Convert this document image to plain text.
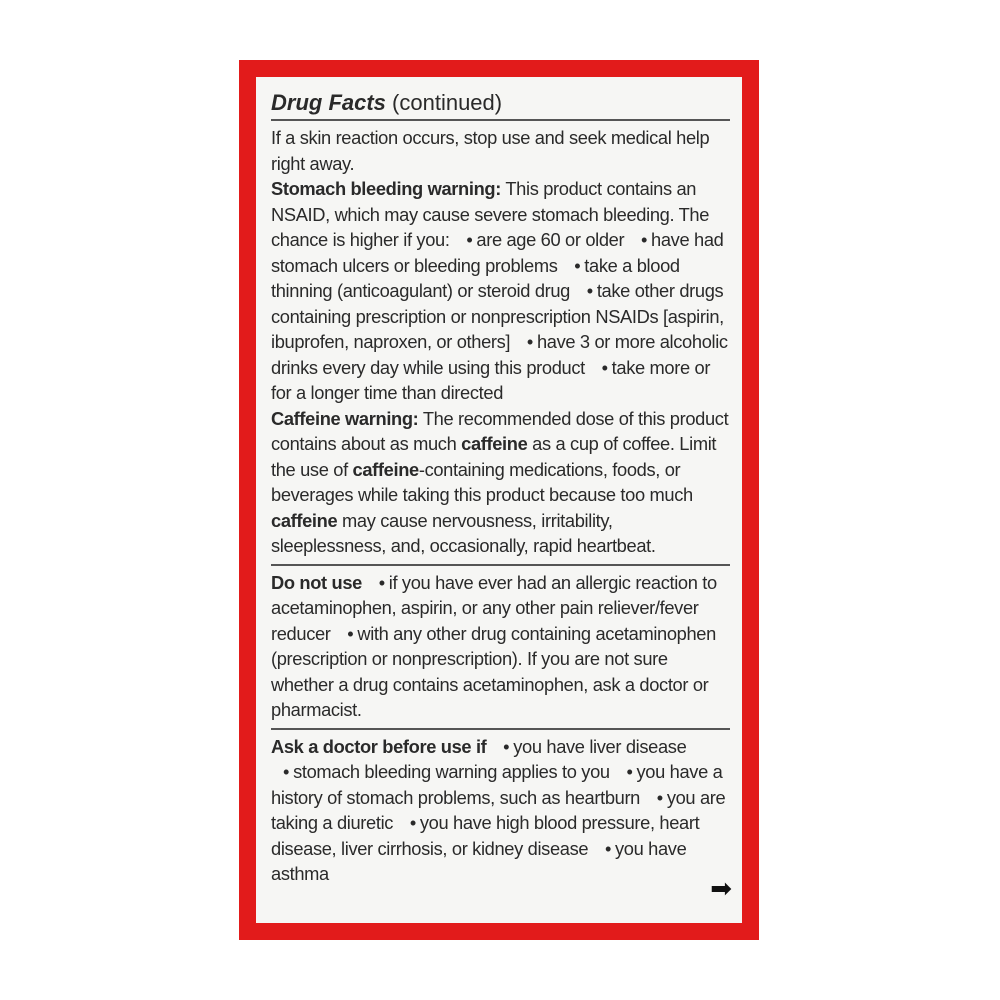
Drug Facts (continued)
If a skin reaction occurs, stop use and seek medical help right away.
Stomach bleeding warning: This product contains an NSAID, which may cause severe stomach bleeding. The chance is higher if you: • are age 60 or older • have had stomach ulcers or bleeding problems • take a blood thinning (anticoagulant) or steroid drug • take other drugs containing prescription or nonprescription NSAIDs [aspirin, ibuprofen, naproxen, or others] • have 3 or more alcoholic drinks every day while using this product • take more or for a longer time than directed
Caffeine warning: The recommended dose of this product contains about as much caffeine as a cup of coffee. Limit the use of caffeine-containing medications, foods, or beverages while taking this product because too much caffeine may cause nervousness, irritability, sleeplessness, and, occasionally, rapid heartbeat.
Do not use • if you have ever had an allergic reaction to acetaminophen, aspirin, or any other pain reliever/fever reducer • with any other drug containing acetaminophen (prescription or nonprescription). If you are not sure whether a drug contains acetaminophen, ask a doctor or pharmacist.
Ask a doctor before use if • you have liver disease • stomach bleeding warning applies to you • you have a history of stomach problems, such as heartburn • you are taking a diuretic • you have high blood pressure, heart disease, liver cirrhosis, or kidney disease • you have asthma	➡
